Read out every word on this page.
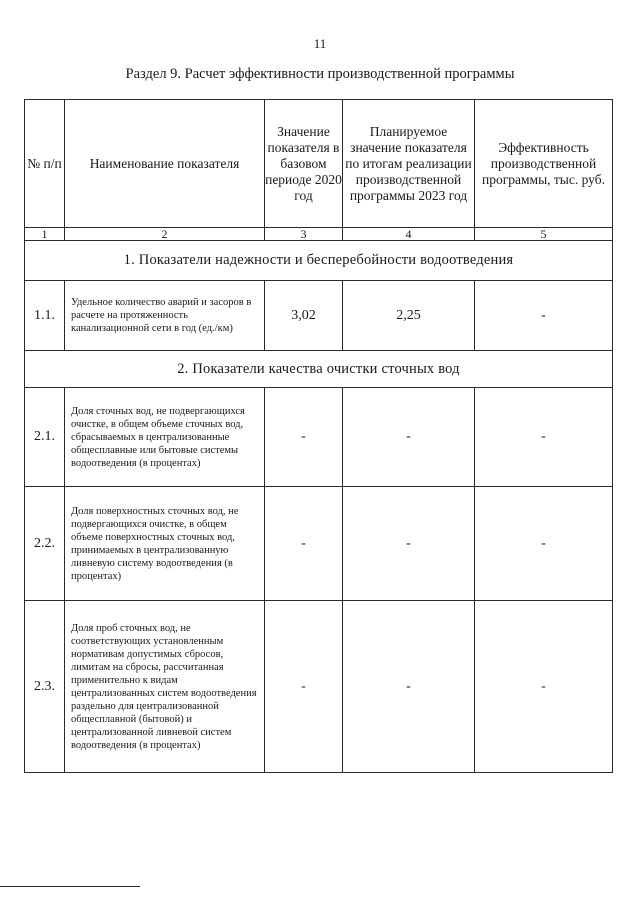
11
Раздел 9. Расчет эффективности производственной программы
№ п/п	Наименование показателя	Значение показателя в базовом периоде 2020 год	Планируемое значение показателя по итогам реализации производственной программы 2023 год	Эффективность производственной программы, тыс. руб.
1	2	3	4	5
1. Показатели надежности и бесперебойности водоотведения				
1.1.	Удельное количество аварий и засоров в расчете на протяженность канализационной сети в год (ед./км)	3,02	2,25	-
2. Показатели качества очистки сточных вод				
2.1.	Доля сточных вод, не подвергающихся очистке, в общем объеме сточных вод, сбрасываемых в централизованные общесплавные или бытовые системы водоотведения (в процентах)	-	-	-
2.2.	Доля поверхностных сточных вод, не подвергающихся очистке, в общем объеме поверхностных сточных вод, принимаемых в централизованную ливневую систему водоотведения (в процентах)	-	-	-
2.3.	Доля проб сточных вод, не соответствующих установленным нормативам допустимых сбросов, лимитам на сбросы, рассчитанная применительно к видам централизованных систем водоотведения раздельно для централизованной общесплавной (бытовой) и централизованной ливневой систем водоотведения (в процентах)	-	-	-
